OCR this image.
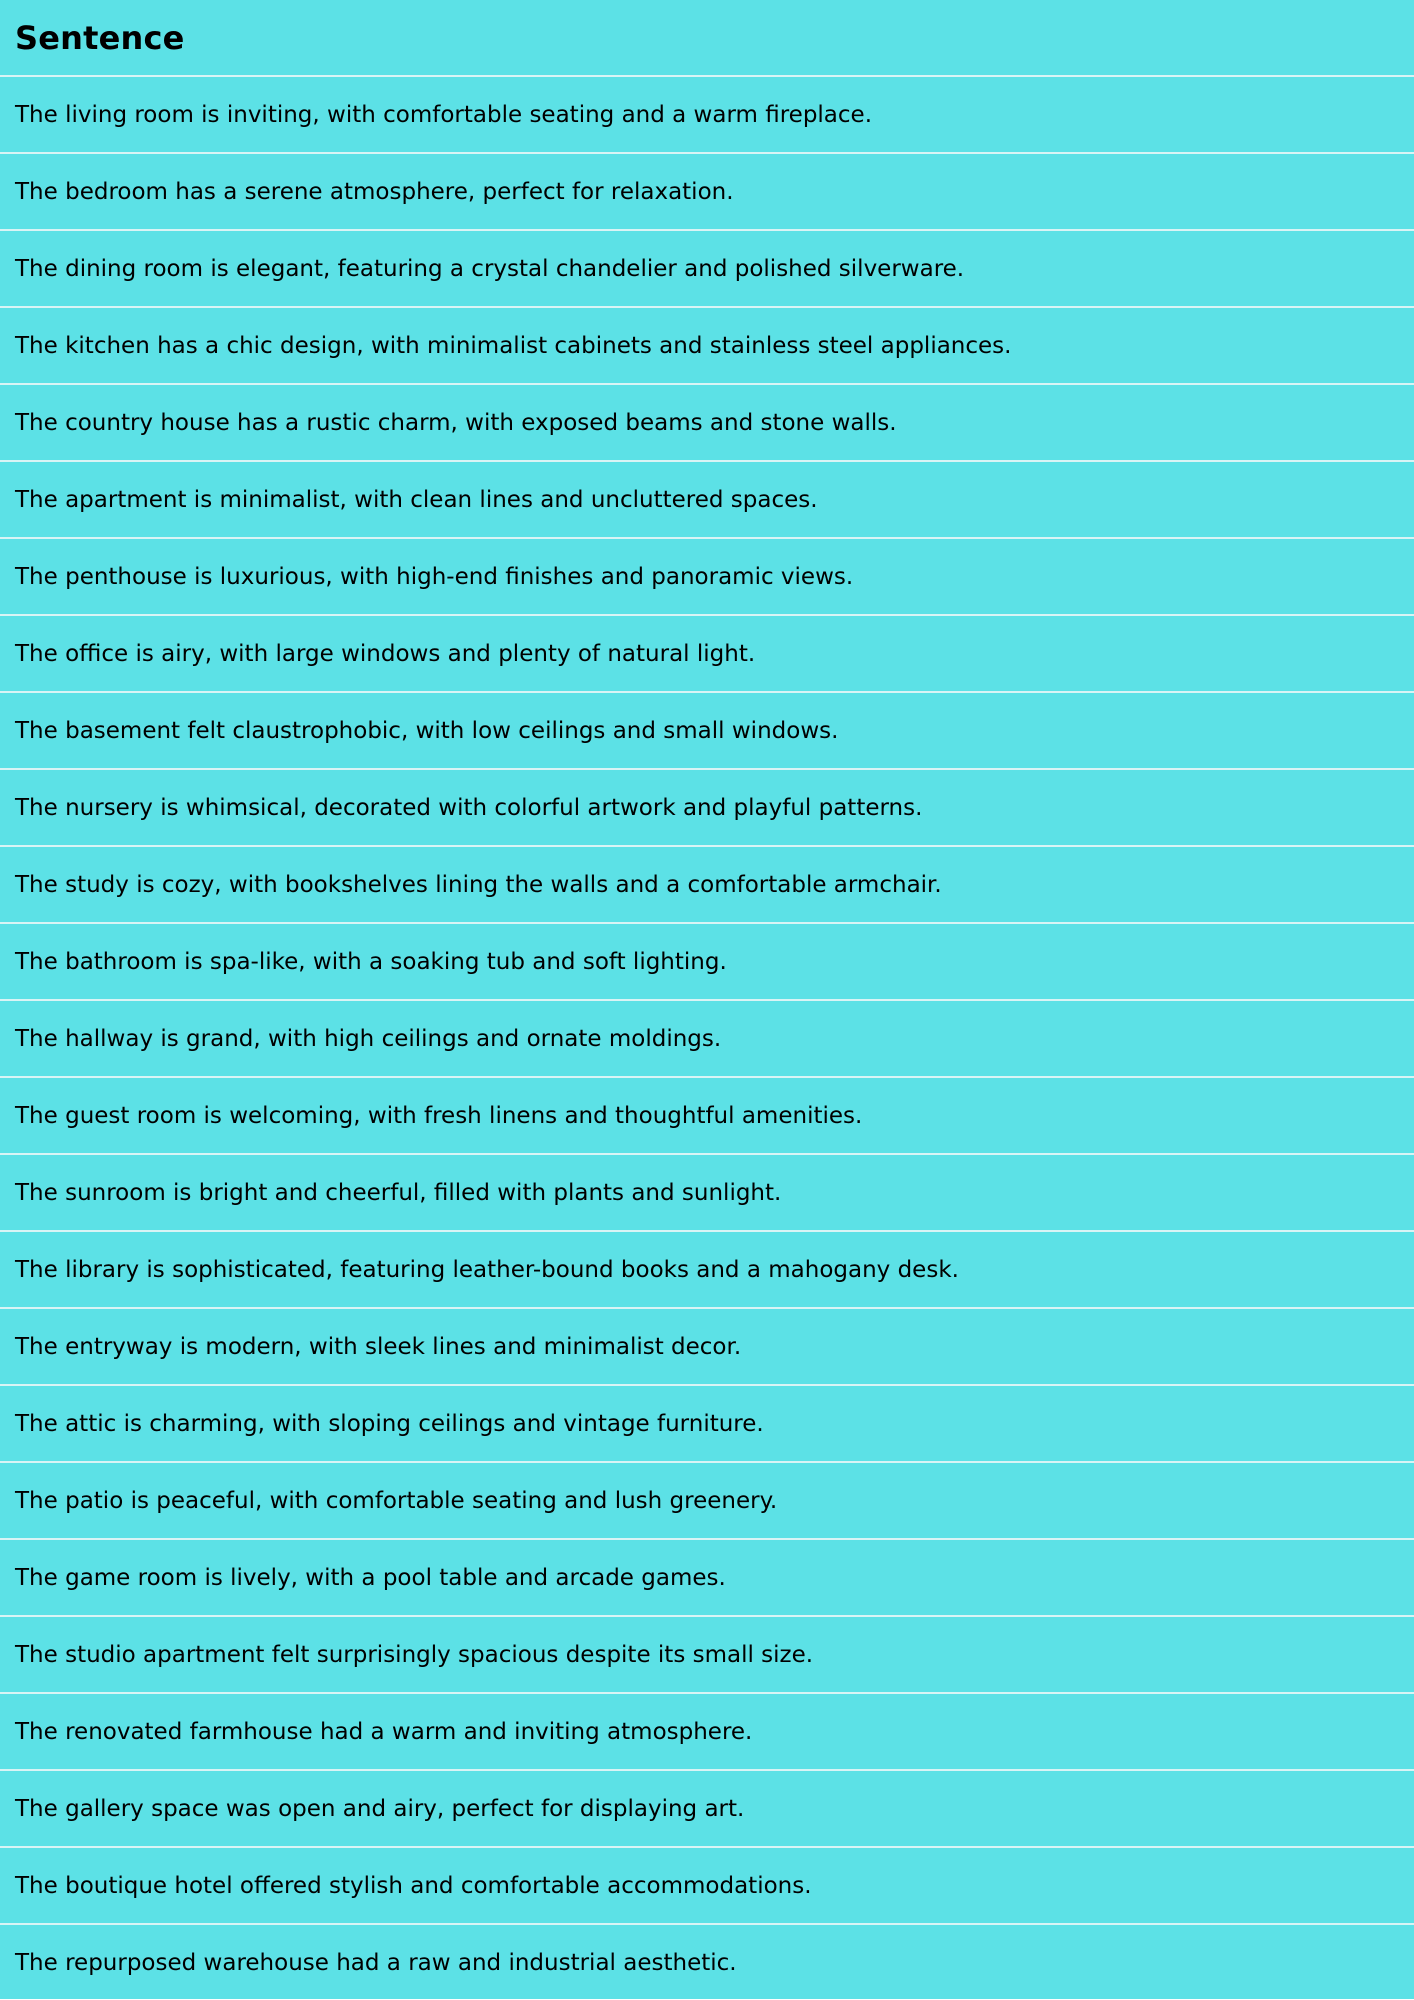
Sentence
The living room is inviting, with comfortable seating and a warm fireplace.
The bedroom has a serene atmosphere, perfect for relaxation.
The dining room is elegant, featuring a crystal chandelier and polished silverware.
The kitchen has a chic design, with minimalist cabinets and stainless steel appliances.
The country house has a rustic charm, with exposed beams and stone walls.
The apartment is minimalist, with clean lines and uncluttered spaces.
The penthouse is luxurious, with high-end finishes and panoramic views.
The office is airy, with large windows and plenty of natural light.
The basement felt claustrophobic, with low ceilings and small windows.
The nursery is whimsical, decorated with colorful artwork and playful patterns.
The study is cozy, with bookshelves lining the walls and a comfortable armchair.
The bathroom is spa-like, with a soaking tub and soft lighting.
The hallway is grand, with high ceilings and ornate moldings.
The guest room is welcoming, with fresh linens and thoughtful amenities.
The sunroom is bright and cheerful, filled with plants and sunlight.
The library is sophisticated, featuring leather-bound books and a mahogany desk.
The entryway is modern, with sleek lines and minimalist decor.
The attic is charming, with sloping ceilings and vintage furniture.
The patio is peaceful, with comfortable seating and lush greenery.
The game room is lively, with a pool table and arcade games.
The studio apartment felt surprisingly spacious despite its small size.
The renovated farmhouse had a warm and inviting atmosphere.
The gallery space was open and airy, perfect for displaying art.
The boutique hotel offered stylish and comfortable accommodations.
The repurposed warehouse had a raw and industrial aesthetic.
